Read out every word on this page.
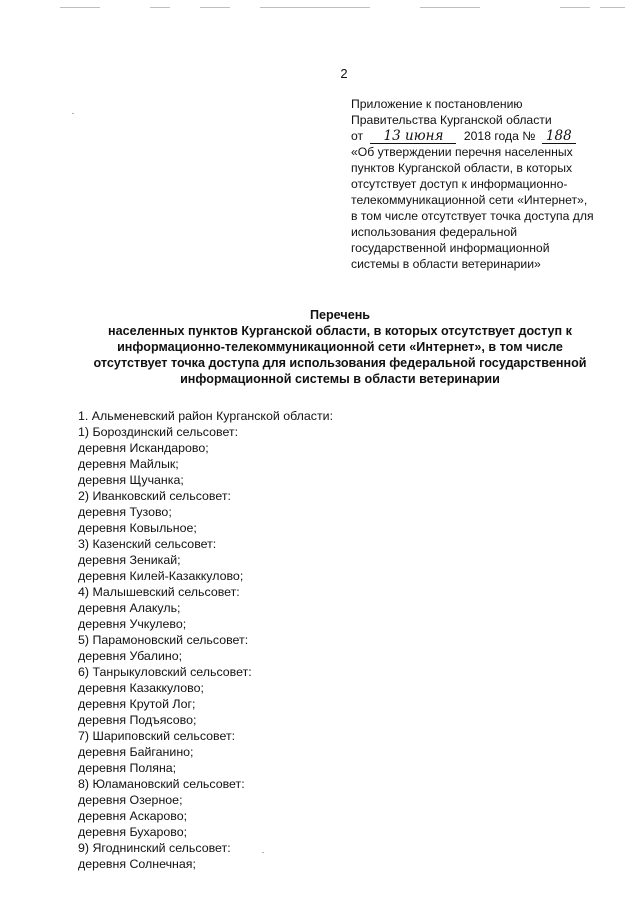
2
Приложение к постановлению
Правительства Курганской области
от 13 июня 2018 года № 188
«Об утверждении перечня населенных
пунктов Курганской области, в которых
отсутствует доступ к информационно-
телекоммуникационной сети «Интернет»,
в том числе отсутствует точка доступа для
использования федеральной
государственной информационной
системы в области ветеринарии»
Перечень
населенных пунктов Курганской области, в которых отсутствует доступ к
информационно-телекоммуникационной сети «Интернет», в том числе
отсутствует точка доступа для использования федеральной государственной
информационной системы в области ветеринарии
1. Альменевский район Курганской области:
1) Бороздинский сельсовет:
деревня Искандарово;
деревня Майлык;
деревня Щучанка;
2) Иванковский сельсовет:
деревня Тузово;
деревня Ковыльное;
3) Казенский сельсовет:
деревня Зеникай;
деревня Килей-Казаккулово;
4) Малышевский сельсовет:
деревня Алакуль;
деревня Учкулево;
5) Парамоновский сельсовет:
деревня Убалино;
6) Танрыкуловский сельсовет:
деревня Казаккулово;
деревня Крутой Лог;
деревня Подъясово;
7) Шариповский сельсовет:
деревня Байганино;
деревня Поляна;
8) Юламановский сельсовет:
деревня Озерное;
деревня Аскарово;
деревня Бухарово;
9) Ягоднинский сельсовет:
деревня Солнечная;
